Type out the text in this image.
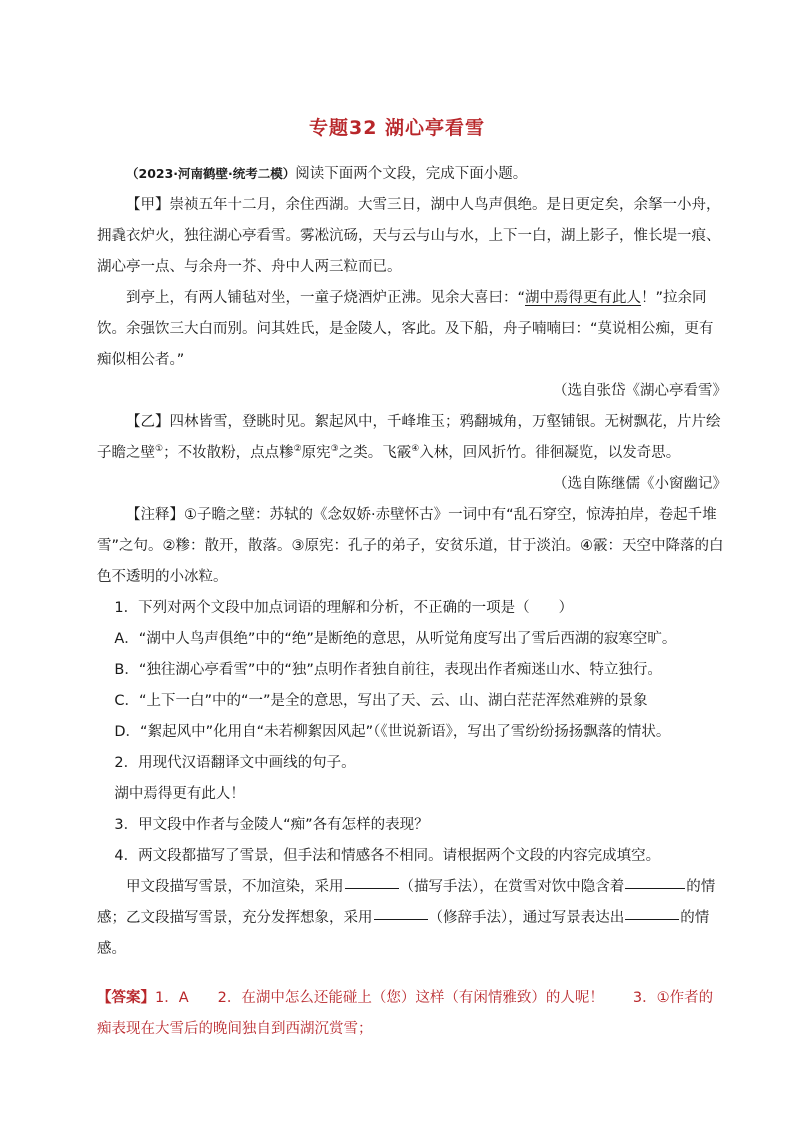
专题32 湖心亭看雪

（2023·河南鹤壁·统考二模）阅读下面两个文段，完成下面小题。

【甲】崇祯五年十二月，余住西湖。大雪三日，湖中人鸟声俱绝。是日更定矣，余拏一小舟，拥毳衣炉火，独往湖心亭看雪。雾凇沆砀，天与云与山与水，上下一白，湖上影子，惟长堤一痕、湖心亭一点、与余舟一芥、舟中人两三粒而已。

到亭上，有两人铺毡对坐，一童子烧酒炉正沸。见余大喜曰：“湖中焉得更有此人！”拉余同饮。余强饮三大白而别。问其姓氏，是金陵人，客此。及下船，舟子喃喃曰：“莫说相公痴，更有痴似相公者。”

（选自张岱《湖心亭看雪》

【乙】四林皆雪，登眺时见。絮起风中，千峰堆玉；鸦翻城角，万壑铺银。无树飘花，片片绘子瞻之壁①；不妆散粉，点点糁②原宪③之类。飞霰④入林，回风折竹。徘徊凝览，以发奇思。

（选自陈继儒《小窗幽记》

【注释】①子瞻之壁：苏轼的《念奴娇·赤壁怀古》一词中有“乱石穿空，惊涛拍岸，卷起千堆雪”之句。②糁：散开，散落。③原宪：孔子的弟子，安贫乐道，甘于淡泊。④霰：天空中降落的白色不透明的小冰粒。

1．下列对两个文段中加点词语的理解和分析，不正确的一项是（　　）

A．“湖中人鸟声俱绝”中的“绝”是断绝的意思，从听觉角度写出了雪后西湖的寂寒空旷。

B．“独往湖心亭看雪”中的“独”点明作者独自前往，表现出作者痴迷山水、特立独行。

C．“上下一白”中的“一”是全的意思，写出了天、云、山、湖白茫茫浑然难辨的景象

D．“絮起风中”化用自“未若柳絮因风起”（《世说新语》，写出了雪纷纷扬扬飘落的情状。

2．用现代汉语翻译文中画线的句子。

湖中焉得更有此人！

3．甲文段中作者与金陵人“痴”各有怎样的表现？

4．两文段都描写了雪景，但手法和情感各不相同。请根据两个文段的内容完成填空。

甲文段描写雪景，不加渲染，采用	（描写手法），在赏雪对饮中隐含着	的情感；乙文段描写雪景，充分发挥想象，采用	（修辞手法），通过写景表达出	的情感。

【答案】1．A　　2．在湖中怎么还能碰上（您）这样（有闲情雅致）的人呢！　　3．①作者的痴表现在大雪后的晚间独自到西湖沉赏雪；
